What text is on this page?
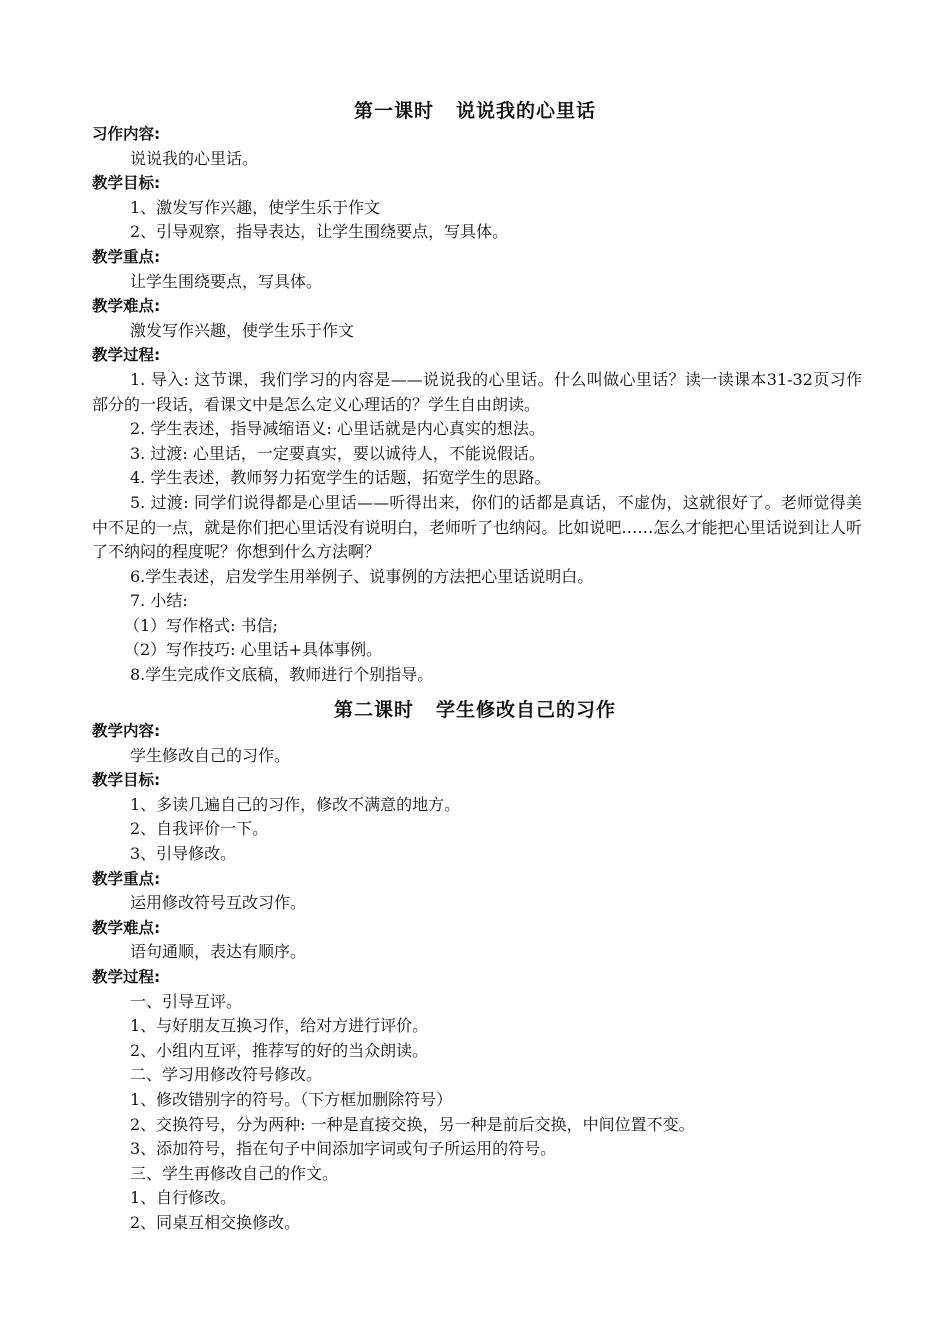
第一课时 说说我的心里话
习作内容:
说说我的心里话。
教学目标:
1、激发写作兴趣，使学生乐于作文
2、引导观察，指导表达，让学生围绕要点，写具体。
教学重点:
让学生围绕要点，写具体。
教学难点:
激发写作兴趣，使学生乐于作文
教学过程:
1. 导入: 这节课，我们学习的内容是——说说我的心里话。什么叫做心里话？读一读课本31-32页习作部分的一段话，看课文中是怎么定义心理话的？学生自由朗读。
2. 学生表述，指导减缩语义: 心里话就是内心真实的想法。
3. 过渡: 心里话，一定要真实，要以诚待人，不能说假话。
4. 学生表述，教师努力拓宽学生的话题，拓宽学生的思路。
5. 过渡: 同学们说得都是心里话——听得出来，你们的话都是真话，不虚伪，这就很好了。老师觉得美中不足的一点，就是你们把心里话没有说明白，老师听了也纳闷。比如说吧……怎么才能把心里话说到让人听了不纳闷的程度呢？你想到什么方法啊？
6.学生表述，启发学生用举例子、说事例的方法把心里话说明白。
7. 小结:
（1）写作格式: 书信;
（2）写作技巧: 心里话+具体事例。
8.学生完成作文底稿，教师进行个别指导。
第二课时 学生修改自己的习作
教学内容:
学生修改自己的习作。
教学目标:
1、多读几遍自己的习作，修改不满意的地方。
2、自我评价一下。
3、引导修改。
教学重点:
运用修改符号互改习作。
教学难点:
语句通顺，表达有顺序。
教学过程:
一、引导互评。
1、与好朋友互换习作，给对方进行评价。
2、小组内互评，推荐写的好的当众朗读。
二、学习用修改符号修改。
1、修改错别字的符号。（下方框加删除符号）
2、交换符号，分为两种: 一种是直接交换，另一种是前后交换，中间位置不变。
3、添加符号，指在句子中间添加字词或句子所运用的符号。
三、学生再修改自己的作文。
1、自行修改。
2、同桌互相交换修改。
